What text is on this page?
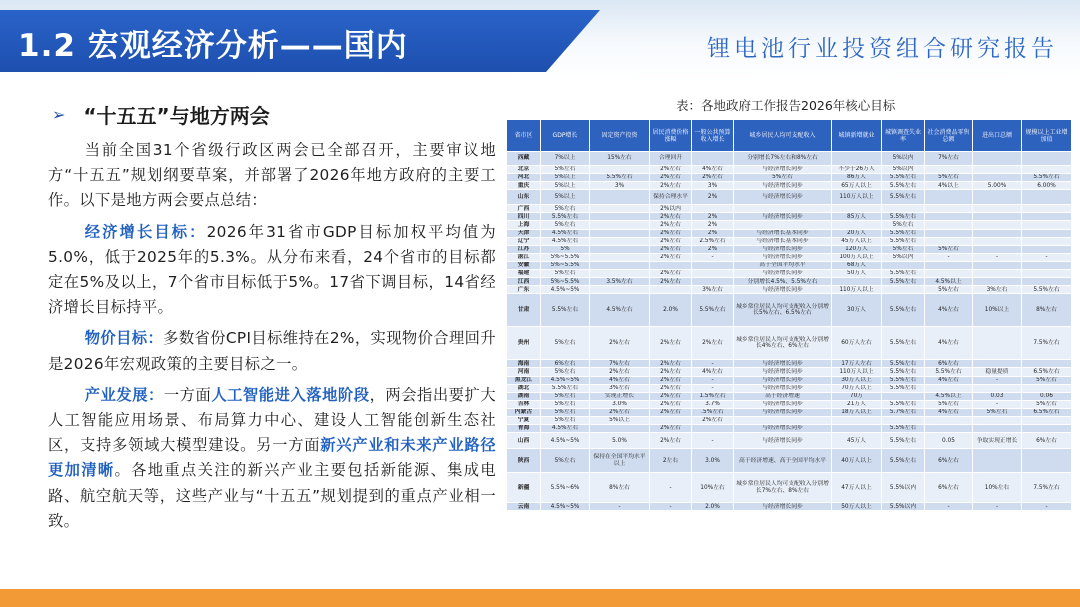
1.2 宏观经济分析——国内	锂电池行业投资组合研究报告
➢ “十五五”与地方两会

当前全国31个省级行政区两会已全部召开，主要审议地方“十五五”规划纲要草案，并部署了2026年地方政府的主要工作。以下是地方两会要点总结：

经济增长目标：2026年31省市GDP目标加权平均值为5.0%，低于2025年的5.3%。从分布来看，24个省市的目标都定在5%及以上，7个省市目标低于5%。17省下调目标，14省经济增长目标持平。

物价目标：多数省份CPI目标维持在2%，实现物价合理回升是2026年宏观政策的主要目标之一。

产业发展：一方面人工智能进入落地阶段，两会指出要扩大人工智能应用场景、布局算力中心、建设人工智能创新生态社区，支持多领域大模型建设。另一方面新兴产业和未来产业路径更加清晰。各地重点关注的新兴产业主要包括新能源、集成电路、航空航天等，这些产业与“十五五”规划提到的重点产业相一致。

表：各地政府工作报告2026年核心目标
省市区	GDP增长	固定资产投资	居民消费价格涨幅	一般公共预算收入增长	城乡居民人均可支配收入	城镇新增就业	城镇调查失业率	社会消费品零售总额	进出口总额	规模以上工业增加值
西藏	7%以上	15%左右	合理回升		分别增长7%左右和8%左右		5%以内	7%左右		
北京	5%左右		2%左右	4%左右	与经济增长同步	不少于26万人	5%以内			
河北	5%以上	5.5%左右	2%左右	2%左右	5%左右	86万人	5.5%左右	5%左右		5.5%左右
重庆	5%以上	3%	2%左右	3%	与经济增长同步	65万人以上	5.5%左右	4%以上	5.00%	6.00%
山东	5%以上		保持合理水平	2%	与经济增长同步	110万人以上	5.5%左右			
广西	5%左右		2%以内							
四川	5.5%左右		2%左右	2%	与经济增长同步	85万人	5.5%左右			
上海	5%左右		2%左右	2%			5%左右			
天津	4.5%左右		2%左右	2%	与经济增长基本同步	20万人	5.5%左右			
辽宁	4.5%左右		2%左右	2.5%左右	与经济增长基本同步	45万人以上	5.5%左右			
江苏	5%		2%左右	2%	与经济增长同步	120万人	5%左右	5%左右		
湛江	5%~5.5%		2%左右	-	与经济增长同步	100万人以上	5%以内	-	-	-
安徽	5%~5.5%				高于全国平均水平	68万人				
福建	5%左右		2%左右		与经济增长同步	50万人	5.5%左右			
江西	5%~5.5%	3.5%左右	2%左右		分别增长4.5%、5.5%左右		5.5%左右	4.5%以上		
广东	4.5%~5%			3%左右	与经济增长同步	110万人以上		5%左右	3%左右	5.5%左右
甘肃	5.5%左右	4.5%左右	2.0%	5.5%左右	城乡常住居民人均可支配收入分别增长5%左右、6.5%左右	30万人	5.5%左右	4%左右	10%以上	8%左右
贵州	5%左右	2%左右	2%左右	2%左右	城乡常住居民人均可支配收入分别增长4%左右、6%左右	60万人左右	5.5%左右	4%左右		7.5%左右
海南	6%左右	7%左右	2%左右	-	与经济增长同步	17万人左右	5.5%左右	6%左右		
河南	5%左右	2%左右	2%左右	4%左右	与经济增长同步	110万人以上	5.5%左右	5.5%左右	稳量提质	6.5%左右
黑龙江	4.5%~5%	4%左右	2%左右	-	与经济增长同步	30万人以上	5.5%左右	4%左右	-	5%左右
湖北	5.5%左右	3%左右	2%左右	-	与经济增长同步	70万人以上	5.5%左右			
湖南	5%左右	实现正增长	2%左右	1.5%左右	高于经济增速	70万		4.5%以上	0.03	0.06
吉林	5%左右	3.0%	2%左右	3.7%	与经济增长同步	21万人	5.5%左右	5%左右	-	5%左右
内蒙古	5%左右	2%左右	2%左右	.5%左右	与经济增长同步	18万人以上	5.7%左右	4%左右	5%左右	6.5%左右
宁夏	5%左右	5%以上		2%左右						
青海	4.5%左右		2%左右		与经济增长同步		5.5%左右			
山西	4.5%~5%	5.0%	2%左右	-	与经济增长同步	45万人	5.5%左右	0.05	争取实现正增长	6%左右
陕西	5%左右	保持在全国平均水平以上	2左右	3.0%	高于经济增速、高于全国平均水平	40万人以上	5.5%左右	6%左右		
新疆	5.5%~6%	8%左右	-	10%左右	城乡常住居民人均可支配收入分别增长7%左右、8%左右	47万人以上	5.5%以内	6%左右	10%左右	7.5%左右
云南	4.5%~5%	-	-	2.0%	与经济增长同步	50万人以上	5.5%以内	-	-	-
